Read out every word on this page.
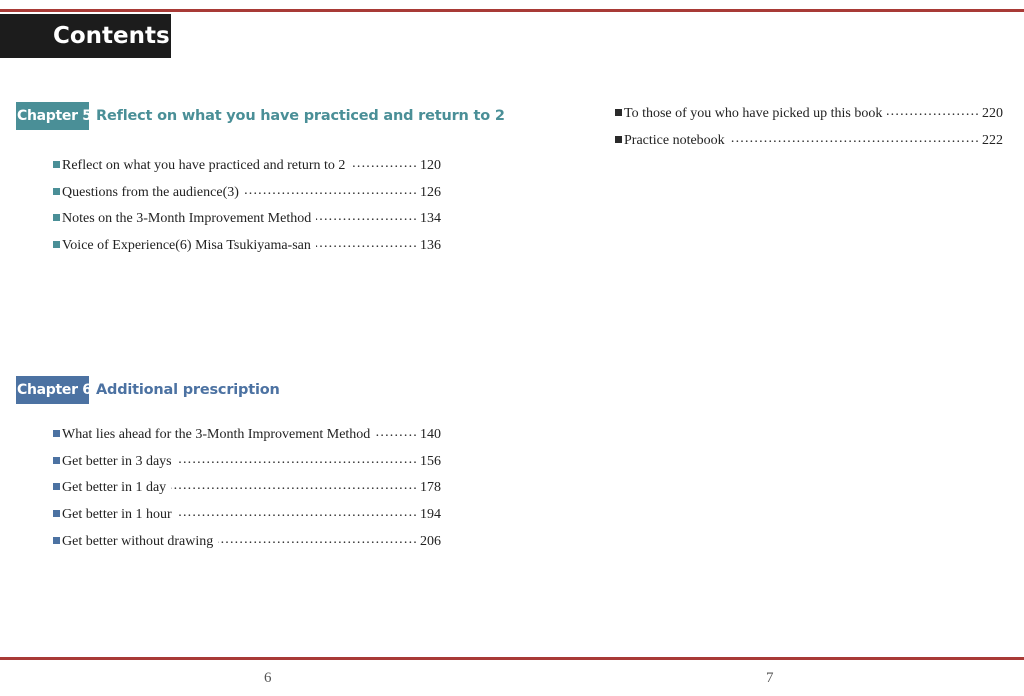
Contents
Chapter 5 Reflect on what you have practiced and return to 2
Reflect on what you have practiced and return to 2 .....	120
Questions from the audience(3) .....	126
Notes on the 3-Month Improvement Method .....	134
Voice of Experience(6) Misa Tsukiyama-san .....	136
Chapter 6 Additional prescription
What lies ahead for the 3-Month Improvement Method .....	140
Get better in 3 days .....	156
Get better in 1 day .....	178
Get better in 1 hour .....	194
Get better without drawing .....	206
To those of you who have picked up this book .....	220
Practice notebook .....	222
6	7
